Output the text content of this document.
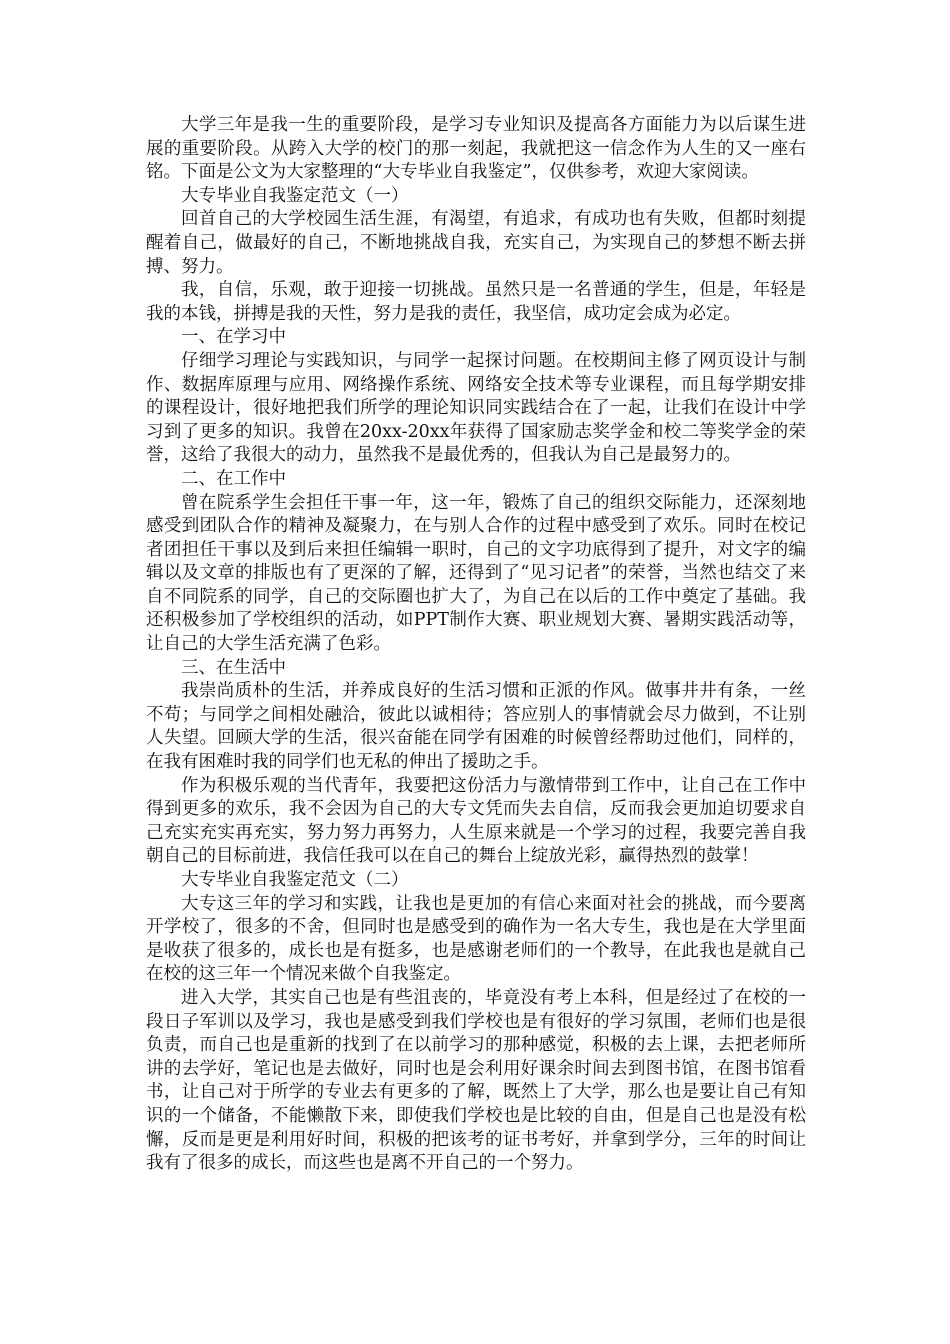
大学三年是我一生的重要阶段，是学习专业知识及提高各方面能力为以后谋生进展的重要阶段。从跨入大学的校门的那一刻起，我就把这一信念作为人生的又一座右铭。下面是公文为大家整理的“大专毕业自我鉴定”，仅供参考，欢迎大家阅读。

大专毕业自我鉴定范文（一）

回首自己的大学校园生活生涯，有渴望，有追求，有成功也有失败，但都时刻提醒着自己，做最好的自己，不断地挑战自我，充实自己，为实现自己的梦想不断去拼搏、努力。

我，自信，乐观，敢于迎接一切挑战。虽然只是一名普通的学生，但是，年轻是我的本钱，拼搏是我的天性，努力是我的责任，我坚信，成功定会成为必定。

一、在学习中

仔细学习理论与实践知识，与同学一起探讨问题。在校期间主修了网页设计与制作、数据库原理与应用、网络操作系统、网络安全技术等专业课程，而且每学期安排的课程设计，很好地把我们所学的理论知识同实践结合在了一起，让我们在设计中学习到了更多的知识。我曾在20xx-20xx年获得了国家励志奖学金和校二等奖学金的荣誉，这给了我很大的动力，虽然我不是最优秀的，但我认为自己是最努力的。

二、在工作中

曾在院系学生会担任干事一年，这一年，锻炼了自己的组织交际能力，还深刻地感受到团队合作的精神及凝聚力，在与别人合作的过程中感受到了欢乐。同时在校记者团担任干事以及到后来担任编辑一职时，自己的文字功底得到了提升，对文字的编辑以及文章的排版也有了更深的了解，还得到了“见习记者”的荣誉，当然也结交了来自不同院系的同学，自己的交际圈也扩大了，为自己在以后的工作中奠定了基础。我还积极参加了学校组织的活动，如PPT制作大赛、职业规划大赛、暑期实践活动等，让自己的大学生活充满了色彩。

三、在生活中

我崇尚质朴的生活，并养成良好的生活习惯和正派的作风。做事井井有条，一丝不苟；与同学之间相处融洽，彼此以诚相待；答应别人的事情就会尽力做到，不让别人失望。回顾大学的生活，很兴奋能在同学有困难的时候曾经帮助过他们，同样的，在我有困难时我的同学们也无私的伸出了援助之手。

作为积极乐观的当代青年，我要把这份活力与激情带到工作中，让自己在工作中得到更多的欢乐，我不会因为自己的大专文凭而失去自信，反而我会更加迫切要求自己充实充实再充实，努力努力再努力，人生原来就是一个学习的过程，我要完善自我朝自己的目标前进，我信任我可以在自己的舞台上绽放光彩，赢得热烈的鼓掌！

大专毕业自我鉴定范文（二）

大专这三年的学习和实践，让我也是更加的有信心来面对社会的挑战，而今要离开学校了，很多的不舍，但同时也是感受到的确作为一名大专生，我也是在大学里面是收获了很多的，成长也是有挺多，也是感谢老师们的一个教导，在此我也是就自己在校的这三年一个情况来做个自我鉴定。

进入大学，其实自己也是有些沮丧的，毕竟没有考上本科，但是经过了在校的一段日子军训以及学习，我也是感受到我们学校也是有很好的学习氛围，老师们也是很负责，而自己也是重新的找到了在以前学习的那种感觉，积极的去上课，去把老师所讲的去学好，笔记也是去做好，同时也是会利用好课余时间去到图书馆，在图书馆看书，让自己对于所学的专业去有更多的了解，既然上了大学，那么也是要让自己有知识的一个储备，不能懒散下来，即使我们学校也是比较的自由，但是自己也是没有松懈，反而是更是利用好时间，积极的把该考的证书考好，并拿到学分，三年的时间让我有了很多的成长，而这些也是离不开自己的一个努力。
